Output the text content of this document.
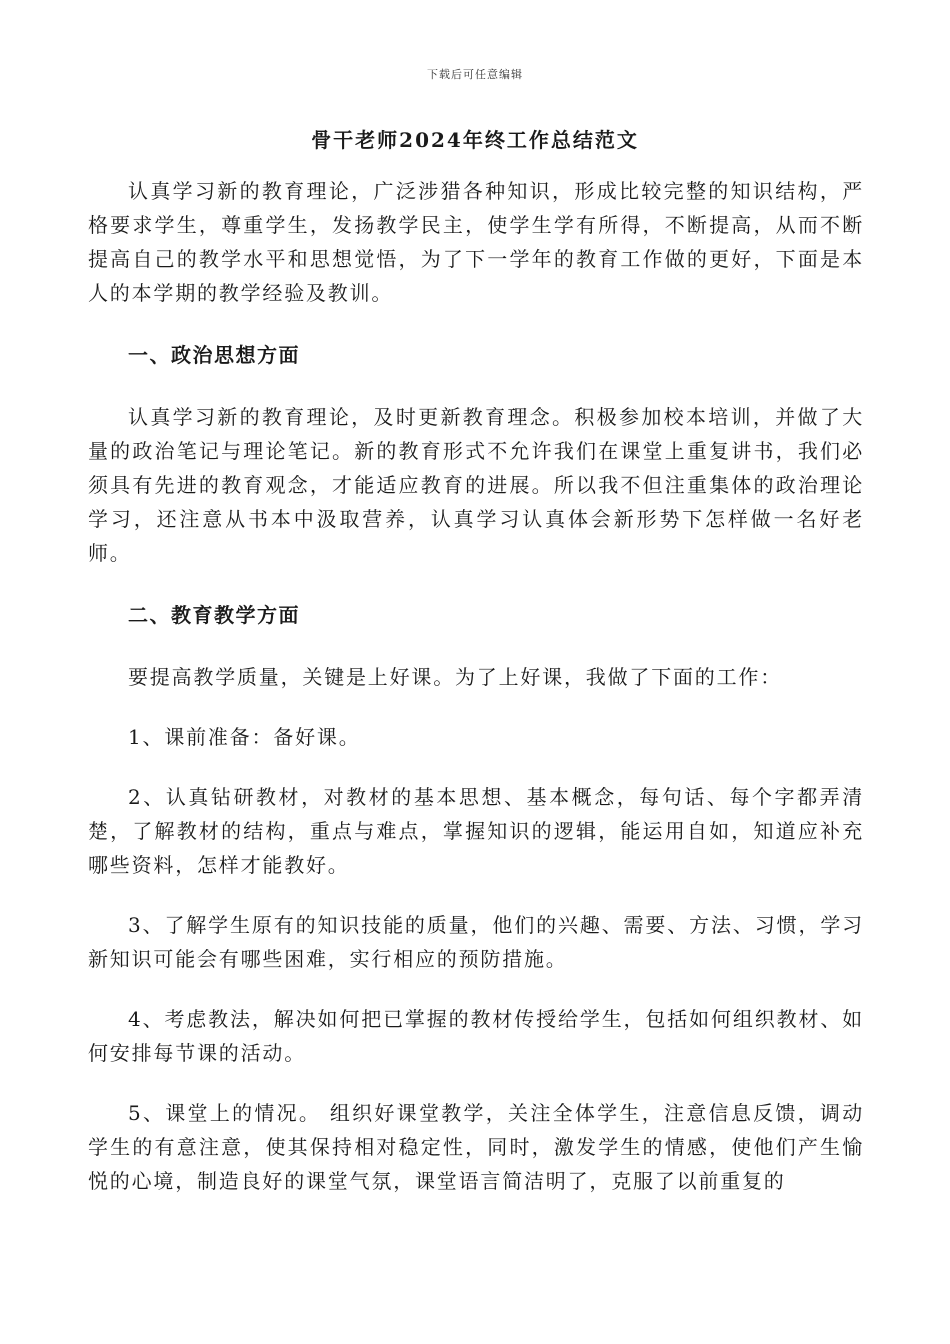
下载后可任意编辑
骨干老师2024年终工作总结范文

认真学习新的教育理论，广泛涉猎各种知识，形成比较完整的知识结构，严格要求学生，尊重学生，发扬教学民主，使学生学有所得，不断提高，从而不断提高自己的教学水平和思想觉悟，为了下一学年的教育工作做的更好，下面是本人的本学期的教学经验及教训。

一、政治思想方面

认真学习新的教育理论，及时更新教育理念。积极参加校本培训，并做了大量的政治笔记与理论笔记。新的教育形式不允许我们在课堂上重复讲书，我们必须具有先进的教育观念，才能适应教育的进展。所以我不但注重集体的政治理论学习，还注意从书本中汲取营养，认真学习认真体会新形势下怎样做一名好老师。

二、教育教学方面

要提高教学质量，关键是上好课。为了上好课，我做了下面的工作：

1、课前准备：备好课。

2、认真钻研教材，对教材的基本思想、基本概念，每句话、每个字都弄清楚，了解教材的结构，重点与难点，掌握知识的逻辑，能运用自如，知道应补充哪些资料，怎样才能教好。

3、了解学生原有的知识技能的质量，他们的兴趣、需要、方法、习惯，学习新知识可能会有哪些困难，实行相应的预防措施。

4、考虑教法，解决如何把已掌握的教材传授给学生，包括如何组织教材、如何安排每节课的活动。

5、课堂上的情况。 组织好课堂教学，关注全体学生，注意信息反馈，调动学生的有意注意，使其保持相对稳定性，同时，激发学生的情感，使他们产生愉悦的心境，制造良好的课堂气氛，课堂语言简洁明了，克服了以前重复的
